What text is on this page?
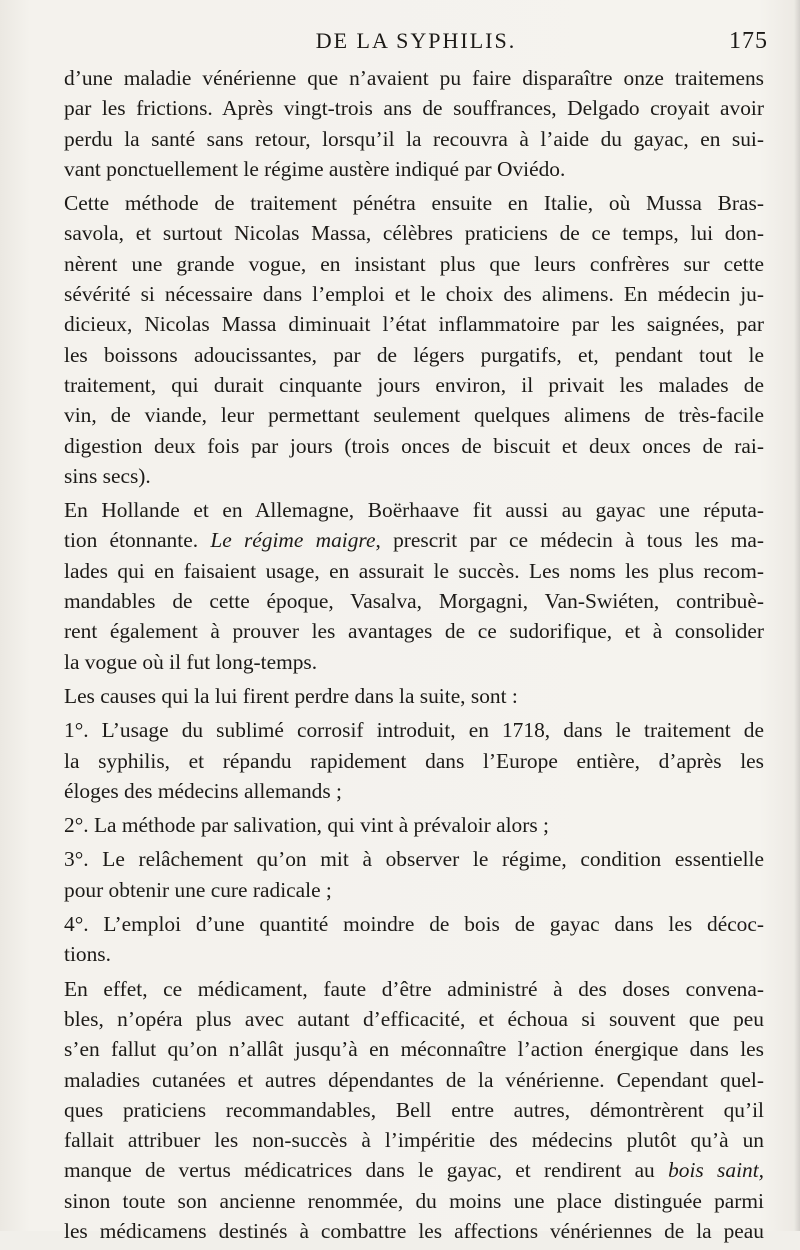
DE LA SYPHILIS.	175
d’une maladie vénérienne que n’avaient pu faire disparaître onze traitemens
par les frictions. Après vingt-trois ans de souffrances, Delgado croyait avoir
perdu la santé sans retour, lorsqu’il la recouvra à l’aide du gayac, en sui-
vant ponctuellement le régime austère indiqué par Oviédo.
Cette méthode de traitement pénétra ensuite en Italie, où Mussa Bras-
savola, et surtout Nicolas Massa, célèbres praticiens de ce temps, lui don-
nèrent une grande vogue, en insistant plus que leurs confrères sur cette
sévérité si nécessaire dans l’emploi et le choix des alimens. En médecin ju-
dicieux, Nicolas Massa diminuait l’état inflammatoire par les saignées, par
les boissons adoucissantes, par de légers purgatifs, et, pendant tout le
traitement, qui durait cinquante jours environ, il privait les malades de
vin, de viande, leur permettant seulement quelques alimens de très-facile
digestion deux fois par jours (trois onces de biscuit et deux onces de rai-
sins secs).
En Hollande et en Allemagne, Boërhaave fit aussi au gayac une réputa-
tion étonnante. Le régime maigre, prescrit par ce médecin à tous les ma-
lades qui en faisaient usage, en assurait le succès. Les noms les plus recom-
mandables de cette époque, Vasalva, Morgagni, Van-Swiéten, contribuè-
rent également à prouver les avantages de ce sudorifique, et à consolider
la vogue où il fut long-temps.
Les causes qui la lui firent perdre dans la suite, sont :
1°. L’usage du sublimé corrosif introduit, en 1718, dans le traitement de
la syphilis, et répandu rapidement dans l’Europe entière, d’après les
éloges des médecins allemands ;
2°. La méthode par salivation, qui vint à prévaloir alors ;
3°. Le relâchement qu’on mit à observer le régime, condition essentielle
pour obtenir une cure radicale ;
4°. L’emploi d’une quantité moindre de bois de gayac dans les décoc-
tions.
En effet, ce médicament, faute d’être administré à des doses convena-
bles, n’opéra plus avec autant d’efficacité, et échoua si souvent que peu
s’en fallut qu’on n’allât jusqu’à en méconnaître l’action énergique dans les
maladies cutanées et autres dépendantes de la vénérienne. Cependant quel-
ques praticiens recommandables, Bell entre autres, démontrèrent qu’il
fallait attribuer les non-succès à l’impéritie des médecins plutôt qu’à un
manque de vertus médicatrices dans le gayac, et rendirent au bois saint,
sinon toute son ancienne renommée, du moins une place distinguée parmi
les médicamens destinés à combattre les affections vénériennes de la peau
